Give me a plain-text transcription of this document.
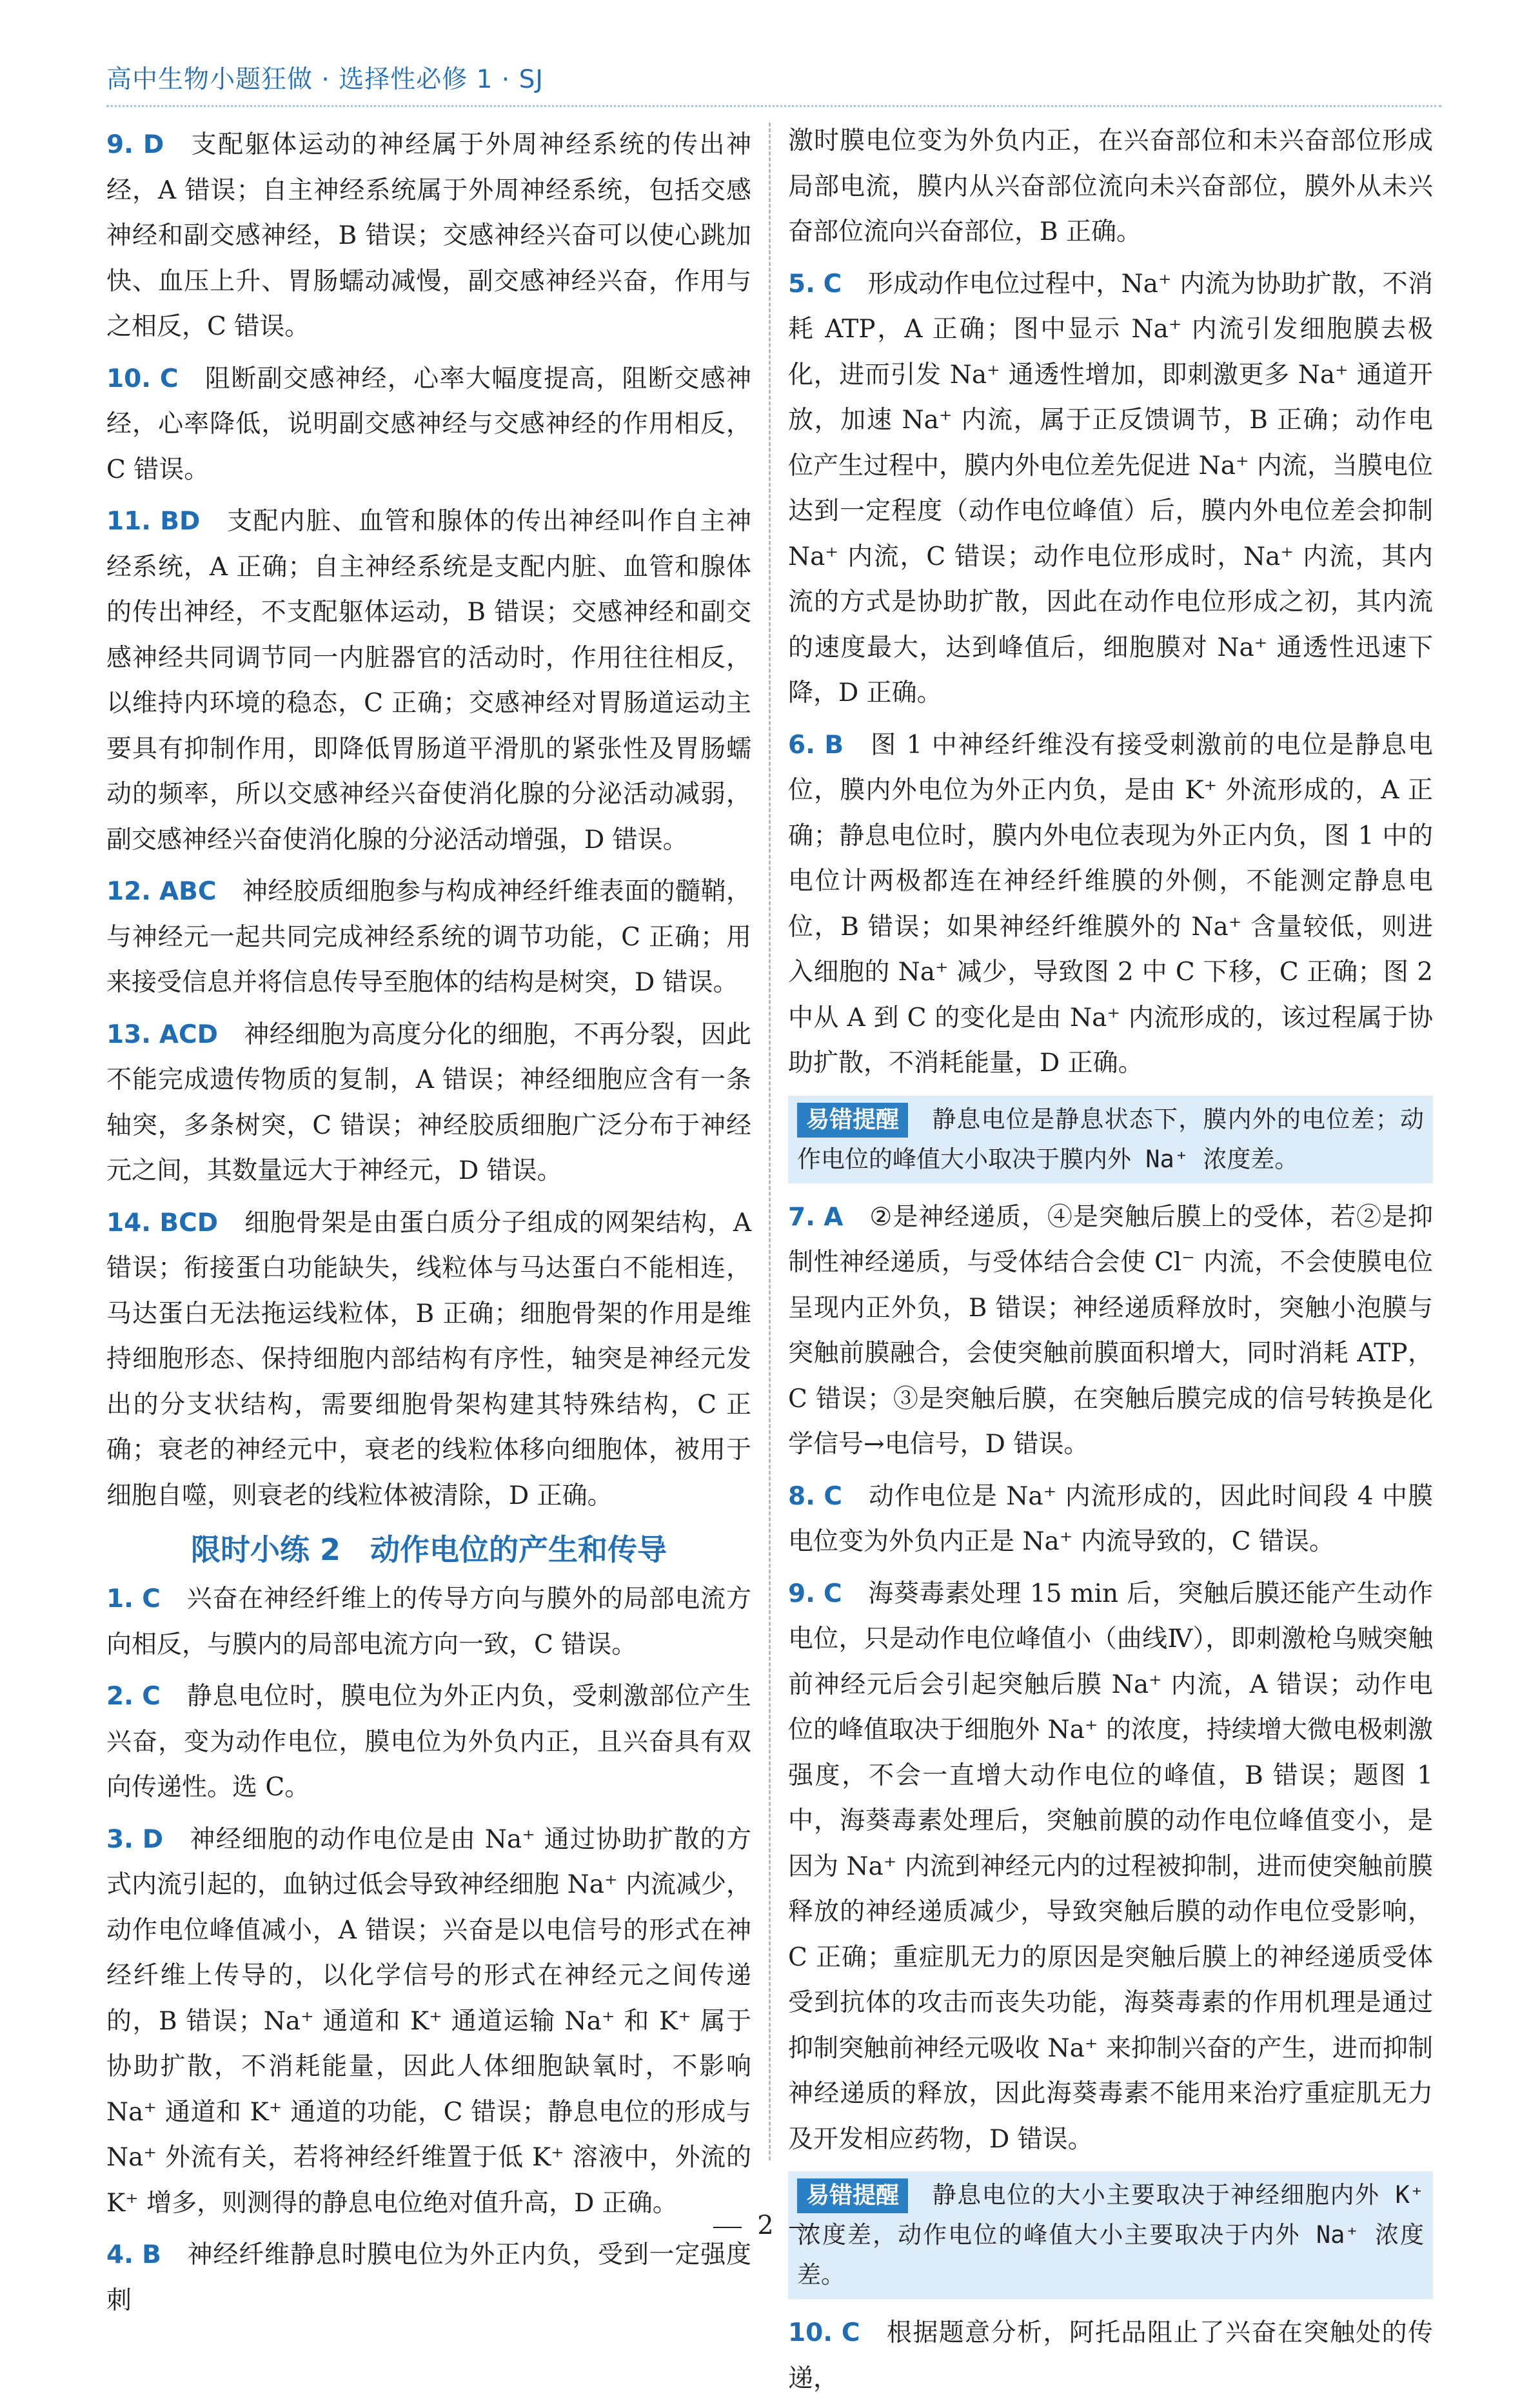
高中生物小题狂做 · 选择性必修 1 · SJ
9. D 支配躯体运动的神经属于外周神经系统的传出神经，A 错误；自主神经系统属于外周神经系统，包括交感神经和副交感神经，B 错误；交感神经兴奋可以使心跳加快、血压上升、胃肠蠕动减慢，副交感神经兴奋，作用与之相反，C 错误。
10. C 阻断副交感神经，心率大幅度提高，阻断交感神经，心率降低，说明副交感神经与交感神经的作用相反，C 错误。
11. BD 支配内脏、血管和腺体的传出神经叫作自主神经系统，A 正确；自主神经系统是支配内脏、血管和腺体的传出神经，不支配躯体运动，B 错误；交感神经和副交感神经共同调节同一内脏器官的活动时，作用往往相反，以维持内环境的稳态，C 正确；交感神经对胃肠道运动主要具有抑制作用，即降低胃肠道平滑肌的紧张性及胃肠蠕动的频率，所以交感神经兴奋使消化腺的分泌活动减弱，副交感神经兴奋使消化腺的分泌活动增强，D 错误。
12. ABC 神经胶质细胞参与构成神经纤维表面的髓鞘，与神经元一起共同完成神经系统的调节功能，C 正确；用来接受信息并将信息传导至胞体的结构是树突，D 错误。
13. ACD 神经细胞为高度分化的细胞，不再分裂，因此不能完成遗传物质的复制，A 错误；神经细胞应含有一条轴突，多条树突，C 错误；神经胶质细胞广泛分布于神经元之间，其数量远大于神经元，D 错误。
14. BCD 细胞骨架是由蛋白质分子组成的网架结构，A 错误；衔接蛋白功能缺失，线粒体与马达蛋白不能相连，马达蛋白无法拖运线粒体，B 正确；细胞骨架的作用是维持细胞形态、保持细胞内部结构有序性，轴突是神经元发出的分支状结构，需要细胞骨架构建其特殊结构，C 正确；衰老的神经元中，衰老的线粒体移向细胞体，被用于细胞自噬，则衰老的线粒体被清除，D 正确。
限时小练 2　动作电位的产生和传导
1. C 兴奋在神经纤维上的传导方向与膜外的局部电流方向相反，与膜内的局部电流方向一致，C 错误。
2. C 静息电位时，膜电位为外正内负，受刺激部位产生兴奋，变为动作电位，膜电位为外负内正，且兴奋具有双向传递性。选 C。
3. D 神经细胞的动作电位是由 Na⁺ 通过协助扩散的方式内流引起的，血钠过低会导致神经细胞 Na⁺ 内流减少，动作电位峰值减小，A 错误；兴奋是以电信号的形式在神经纤维上传导的，以化学信号的形式在神经元之间传递的，B 错误；Na⁺ 通道和 K⁺ 通道运输 Na⁺ 和 K⁺ 属于协助扩散，不消耗能量，因此人体细胞缺氧时，不影响 Na⁺ 通道和 K⁺ 通道的功能，C 错误；静息电位的形成与 Na⁺ 外流有关，若将神经纤维置于低 K⁺ 溶液中，外流的 K⁺ 增多，则测得的静息电位绝对值升高，D 正确。
4. B 神经纤维静息时膜电位为外正内负，受到一定强度刺
激时膜电位变为外负内正，在兴奋部位和未兴奋部位形成局部电流，膜内从兴奋部位流向未兴奋部位，膜外从未兴奋部位流向兴奋部位，B 正确。
5. C 形成动作电位过程中，Na⁺ 内流为协助扩散，不消耗 ATP，A 正确；图中显示 Na⁺ 内流引发细胞膜去极化，进而引发 Na⁺ 通透性增加，即刺激更多 Na⁺ 通道开放，加速 Na⁺ 内流，属于正反馈调节，B 正确；动作电位产生过程中，膜内外电位差先促进 Na⁺ 内流，当膜电位达到一定程度（动作电位峰值）后，膜内外电位差会抑制 Na⁺ 内流，C 错误；动作电位形成时，Na⁺ 内流，其内流的方式是协助扩散，因此在动作电位形成之初，其内流的速度最大，达到峰值后，细胞膜对 Na⁺ 通透性迅速下降，D 正确。
6. B 图 1 中神经纤维没有接受刺激前的电位是静息电位，膜内外电位为外正内负，是由 K⁺ 外流形成的，A 正确；静息电位时，膜内外电位表现为外正内负，图 1 中的电位计两极都连在神经纤维膜的外侧，不能测定静息电位，B 错误；如果神经纤维膜外的 Na⁺ 含量较低，则进入细胞的 Na⁺ 减少，导致图 2 中 C 下移，C 正确；图 2 中从 A 到 C 的变化是由 Na⁺ 内流形成的，该过程属于协助扩散，不消耗能量，D 正确。
易错提醒 静息电位是静息状态下，膜内外的电位差；动作电位的峰值大小取决于膜内外 Na⁺ 浓度差。
7. A ②是神经递质，④是突触后膜上的受体，若②是抑制性神经递质，与受体结合会使 Cl⁻ 内流，不会使膜电位呈现内正外负，B 错误；神经递质释放时，突触小泡膜与突触前膜融合，会使突触前膜面积增大，同时消耗 ATP，C 错误；③是突触后膜，在突触后膜完成的信号转换是化学信号→电信号，D 错误。
8. C 动作电位是 Na⁺ 内流形成的，因此时间段 4 中膜电位变为外负内正是 Na⁺ 内流导致的，C 错误。
9. C 海葵毒素处理 15 min 后，突触后膜还能产生动作电位，只是动作电位峰值小（曲线Ⅳ），即刺激枪乌贼突触前神经元后会引起突触后膜 Na⁺ 内流，A 错误；动作电位的峰值取决于细胞外 Na⁺ 的浓度，持续增大微电极刺激强度，不会一直增大动作电位的峰值，B 错误；题图 1 中，海葵毒素处理后，突触前膜的动作电位峰值变小，是因为 Na⁺ 内流到神经元内的过程被抑制，进而使突触前膜释放的神经递质减少，导致突触后膜的动作电位受影响，C 正确；重症肌无力的原因是突触后膜上的神经递质受体受到抗体的攻击而丧失功能，海葵毒素的作用机理是通过抑制突触前神经元吸收 Na⁺ 来抑制兴奋的产生，进而抑制神经递质的释放，因此海葵毒素不能用来治疗重症肌无力及开发相应药物，D 错误。
易错提醒 静息电位的大小主要取决于神经细胞内外 K⁺ 浓度差，动作电位的峰值大小主要取决于内外 Na⁺ 浓度差。
10. C 根据题意分析，阿托品阻止了兴奋在突触处的传递，
2
